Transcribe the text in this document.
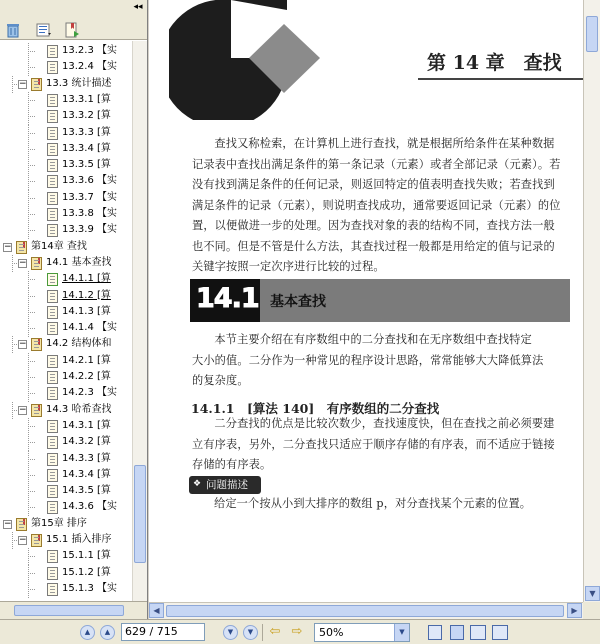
◂◂
13.2.3 【实
13.2.4 【实
− 13.3 统计描述
13.3.1 [算
13.3.2 [算
13.3.3 [算
13.3.4 [算
13.3.5 [算
13.3.6 【实
13.3.7 【实
13.3.8 【实
13.3.9 【实
− 第14章 查找
− 14.1 基本查找
14.1.1 [算
14.1.2 [算
14.1.3 [算
14.1.4 【实
− 14.2 结构体和
14.2.1 [算
14.2.2 [算
14.2.3 【实
− 14.3 哈希查找
14.3.1 [算
14.3.2 [算
14.3.3 [算
14.3.4 [算
14.3.5 [算
14.3.6 【实
− 第15章 排序
− 15.1 插入排序
15.1.1 [算
15.1.2 [算
15.1.3 【实
第 14 章　查找
查找又称检索，在计算机上进行查找，就是根据所给条件在某种数据
记录表中查找出满足条件的第一条记录（元素）或者全部记录（元素）。若
没有找到满足条件的任何记录，则返回特定的值表明查找失败；若查找到
满足条件的记录（元素），则说明查找成功，通常要返回记录（元素）的位
置，以便做进一步的处理。因为查找对象的表的结构不同，查找方法一般
也不同。但是不管是什么方法，其查找过程一般都是用给定的值与记录的
关键字按照一定次序进行比较的过程。
14.1 基本查找
本节主要介绍在有序数组中的二分查找和在无序数组中查找特定
大小的值。二分作为一种常见的程序设计思路，常常能够大大降低算法
的复杂度。
14.1.1　[算法 140]　有序数组的二分查找
二分查找的优点是比较次数少，查找速度快，但在查找之前必须要建
立有序表，另外，二分查找只适应于顺序存储的有序表，而不适应于链接
存储的有序表。
❖ 问题描述
给定一个按从小到大排序的数组 p，对分查找某个元素的位置。
▼
◀	▶
▲	▲	629 / 715	▼	▼	⇦ ⇨	50%	▼
